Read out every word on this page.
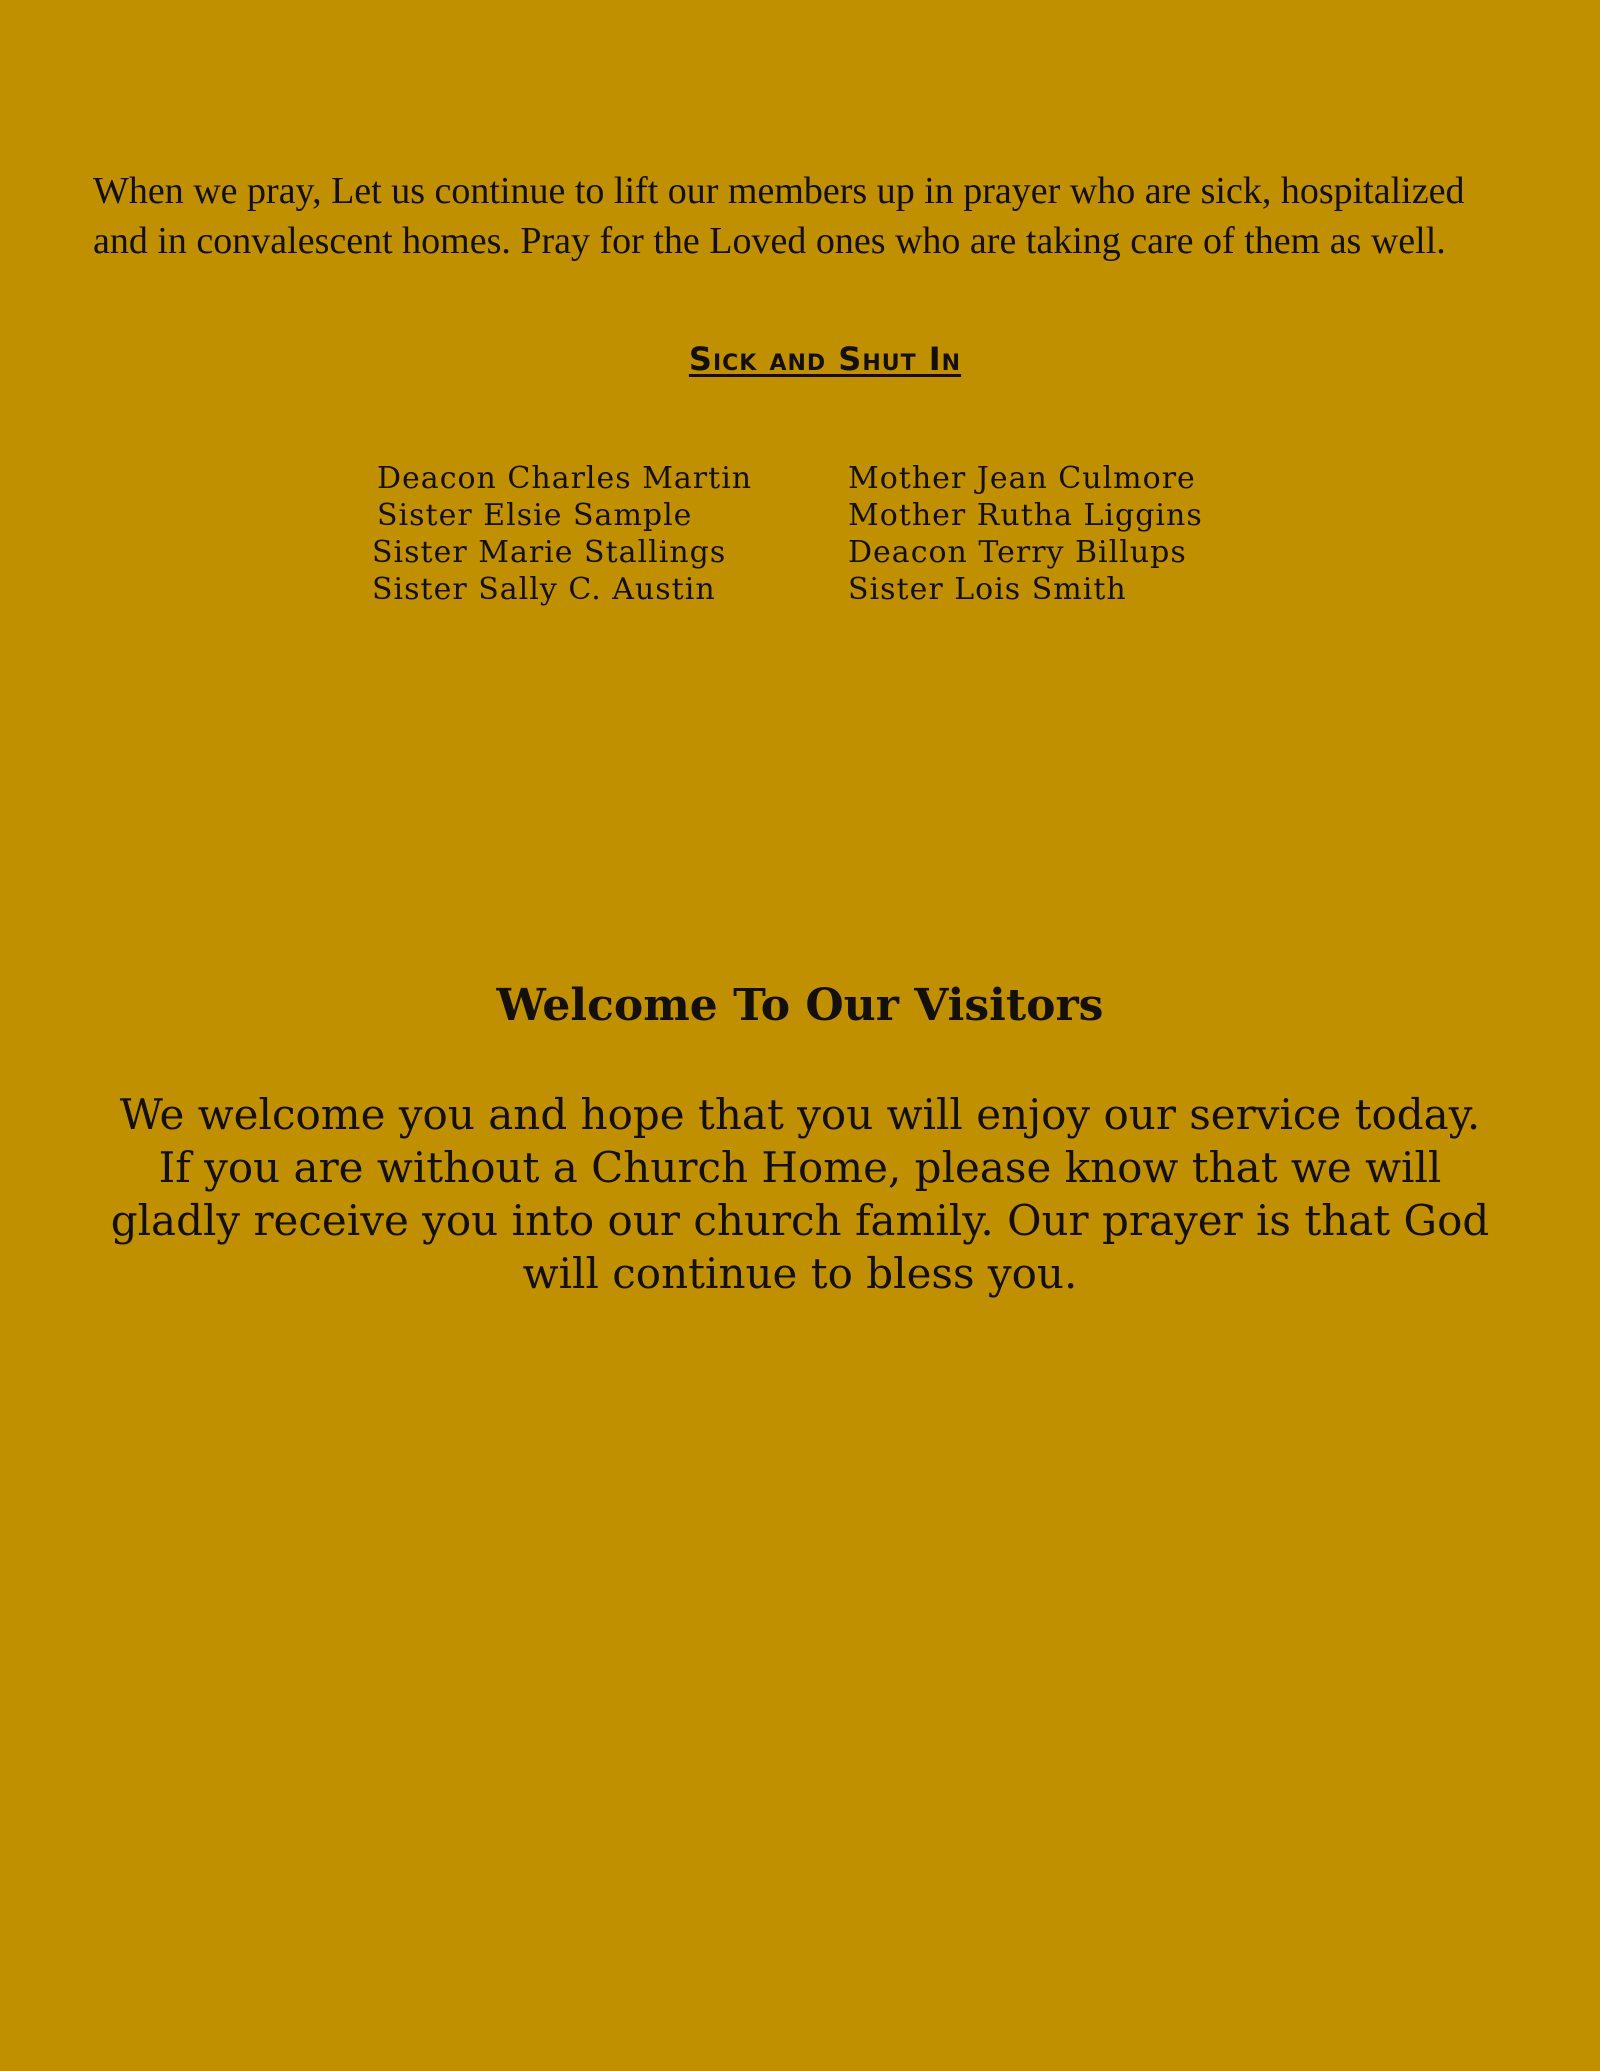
When we pray, Let us continue to lift our members up in prayer who are sick, hospitalized and in convalescent homes. Pray for the Loved ones who are taking care of them as well.

Sick and Shut In
Deacon Charles Martin
Sister Elsie Sample
Sister Marie Stallings
Sister Sally C. Austin
Mother Jean Culmore
Mother Rutha Liggins
Deacon Terry Billups
Sister Lois Smith
Welcome To Our Visitors

We welcome you and hope that you will enjoy our service today. If you are without a Church Home, please know that we will gladly receive you into our church family. Our prayer is that God will continue to bless you.
